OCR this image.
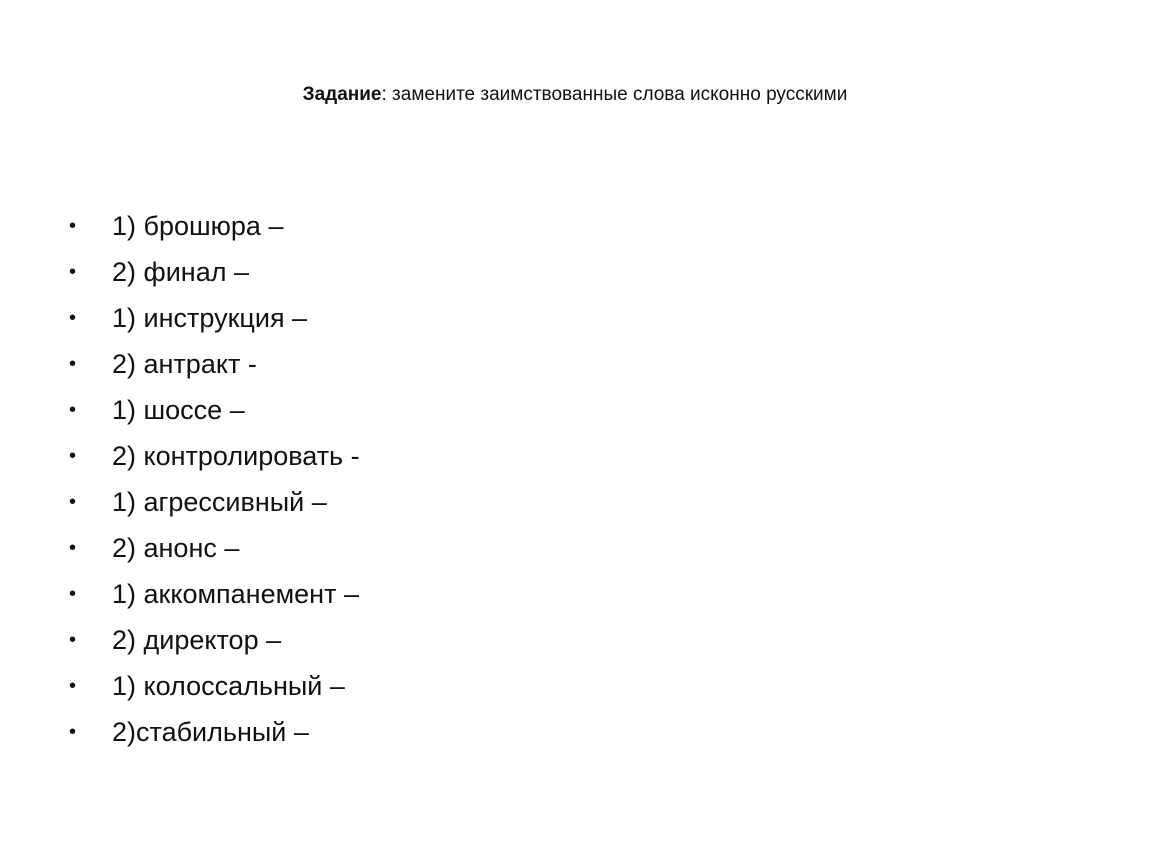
Задание: замените заимствованные слова исконно русскими
• 1) брошюра –
• 2) финал –
• 1) инструкция –
• 2) антракт -
• 1) шоссе –
• 2) контролировать -
• 1) агрессивный –
• 2) анонс –
• 1) аккомпанемент –
• 2) директор –
• 1) колоссальный –
• 2)стабильный –
